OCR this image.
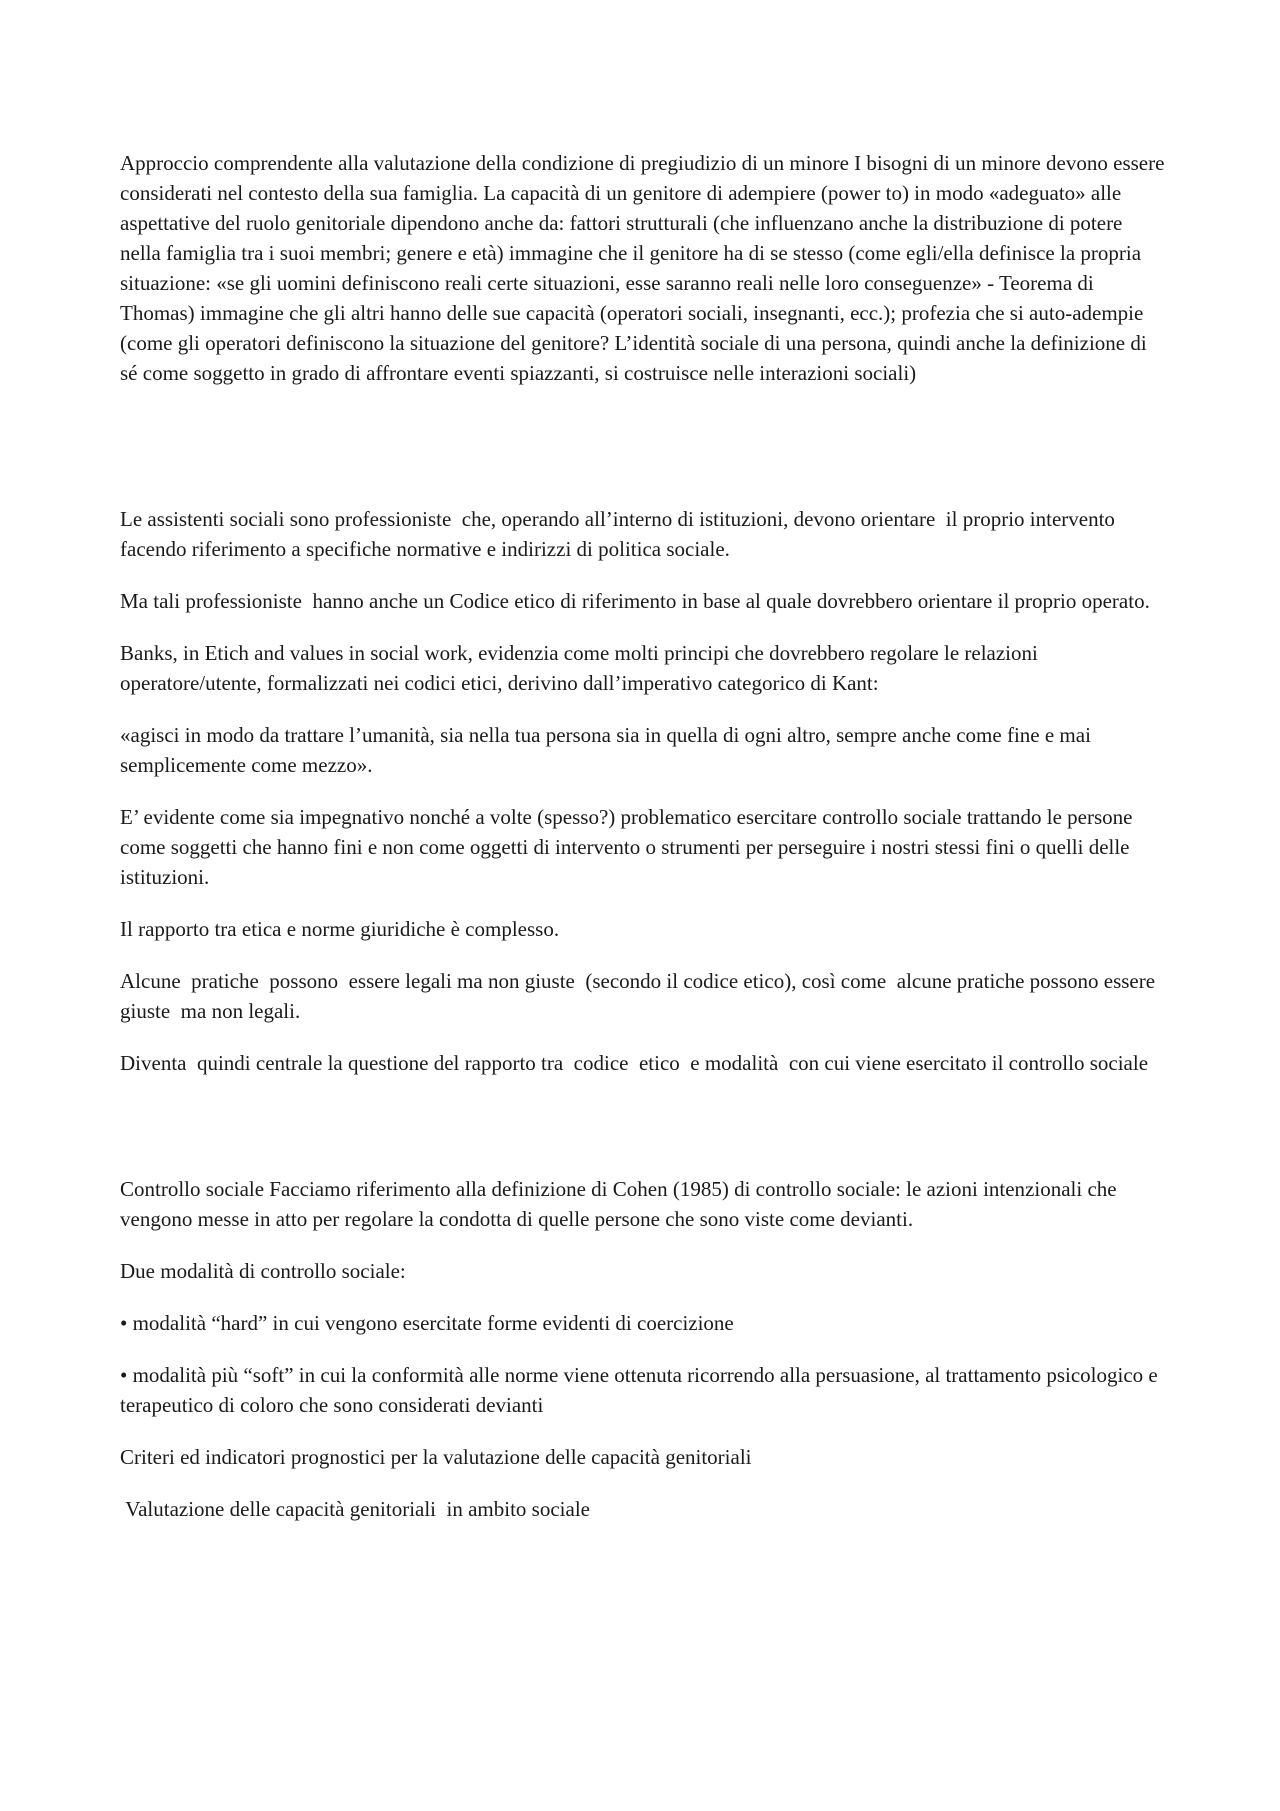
Approccio comprendente alla valutazione della condizione di pregiudizio di un minore I bisogni di un minore devono essere considerati nel contesto della sua famiglia. La capacità di un genitore di adempiere (power to) in modo «adeguato» alle aspettative del ruolo genitoriale dipendono anche da: fattori strutturali (che influenzano anche la distribuzione di potere nella famiglia tra i suoi membri; genere e età) immagine che il genitore ha di se stesso (come egli/ella definisce la propria situazione: «se gli uomini definiscono reali certe situazioni, esse saranno reali nelle loro conseguenze» - Teorema di Thomas) immagine che gli altri hanno delle sue capacità (operatori sociali, insegnanti, ecc.); profezia che si auto-adempie (come gli operatori definiscono la situazione del genitore? L’identità sociale di una persona, quindi anche la definizione di sé come soggetto in grado di affrontare eventi spiazzanti, si costruisce nelle interazioni sociali)

Le assistenti sociali sono professioniste  che, operando all’interno di istituzioni, devono orientare  il proprio intervento facendo riferimento a specifiche normative e indirizzi di politica sociale.

Ma tali professioniste  hanno anche un Codice etico di riferimento in base al quale dovrebbero orientare il proprio operato.

Banks, in Etich and values in social work, evidenzia come molti principi che dovrebbero regolare le relazioni operatore/utente, formalizzati nei codici etici, derivino dall’imperativo categorico di Kant:

«agisci in modo da trattare l’umanità, sia nella tua persona sia in quella di ogni altro, sempre anche come fine e mai semplicemente come mezzo».

E’ evidente come sia impegnativo nonché a volte (spesso?) problematico esercitare controllo sociale trattando le persone come soggetti che hanno fini e non come oggetti di intervento o strumenti per perseguire i nostri stessi fini o quelli delle istituzioni.

Il rapporto tra etica e norme giuridiche è complesso.

Alcune  pratiche  possono  essere legali ma non giuste  (secondo il codice etico), così come  alcune pratiche possono essere  giuste  ma non legali.

Diventa  quindi centrale la questione del rapporto tra  codice  etico  e modalità  con cui viene esercitato il controllo sociale

Controllo sociale Facciamo riferimento alla definizione di Cohen (1985) di controllo sociale: le azioni intenzionali che vengono messe in atto per regolare la condotta di quelle persone che sono viste come devianti.

Due modalità di controllo sociale:

• modalità “hard” in cui vengono esercitate forme evidenti di coercizione

• modalità più “soft” in cui la conformità alle norme viene ottenuta ricorrendo alla persuasione, al trattamento psicologico e terapeutico di coloro che sono considerati devianti

Criteri ed indicatori prognostici per la valutazione delle capacità genitoriali

Valutazione delle capacità genitoriali  in ambito sociale
